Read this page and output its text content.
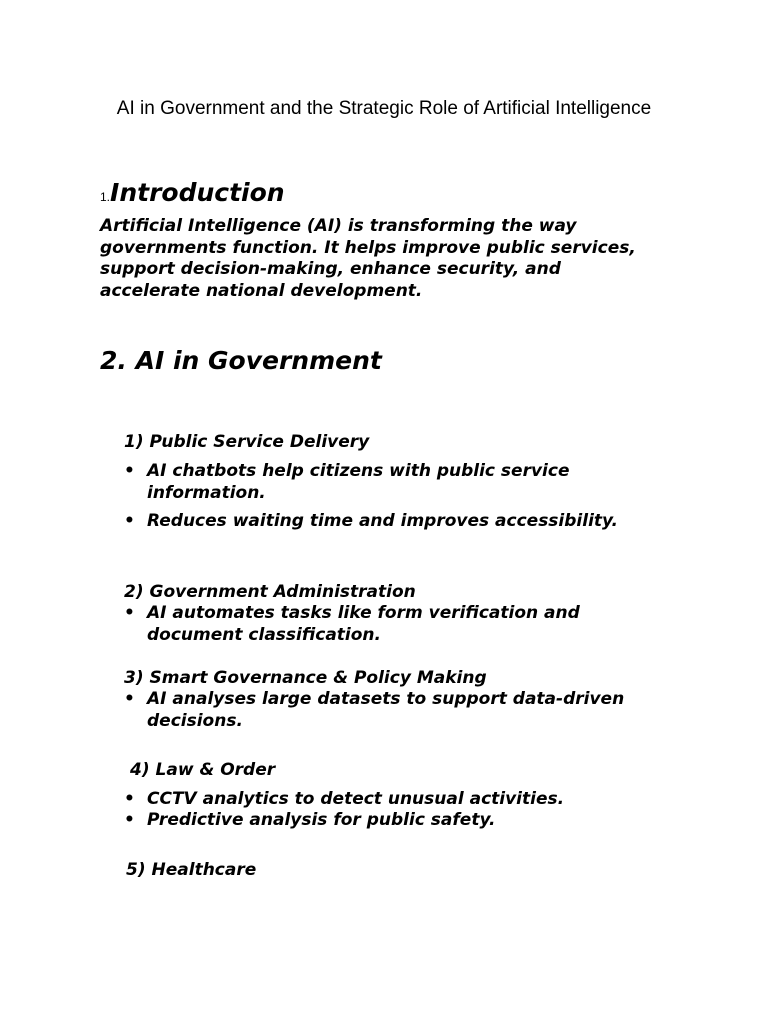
AI in Government and the Strategic Role of Artificial Intelligence
1.Introduction
Artificial Intelligence (AI) is transforming the way governments function. It helps improve public services, support decision-making, enhance security, and accelerate national development.
2. AI in Government
1) Public Service Delivery
• AI chatbots help citizens with public service information.
• Reduces waiting time and improves accessibility.
2) Government Administration
• AI automates tasks like form verification and document classification.
3) Smart Governance & Policy Making
• AI analyses large datasets to support data-driven decisions.
4) Law & Order
• CCTV analytics to detect unusual activities.
• Predictive analysis for public safety.
5) Healthcare
